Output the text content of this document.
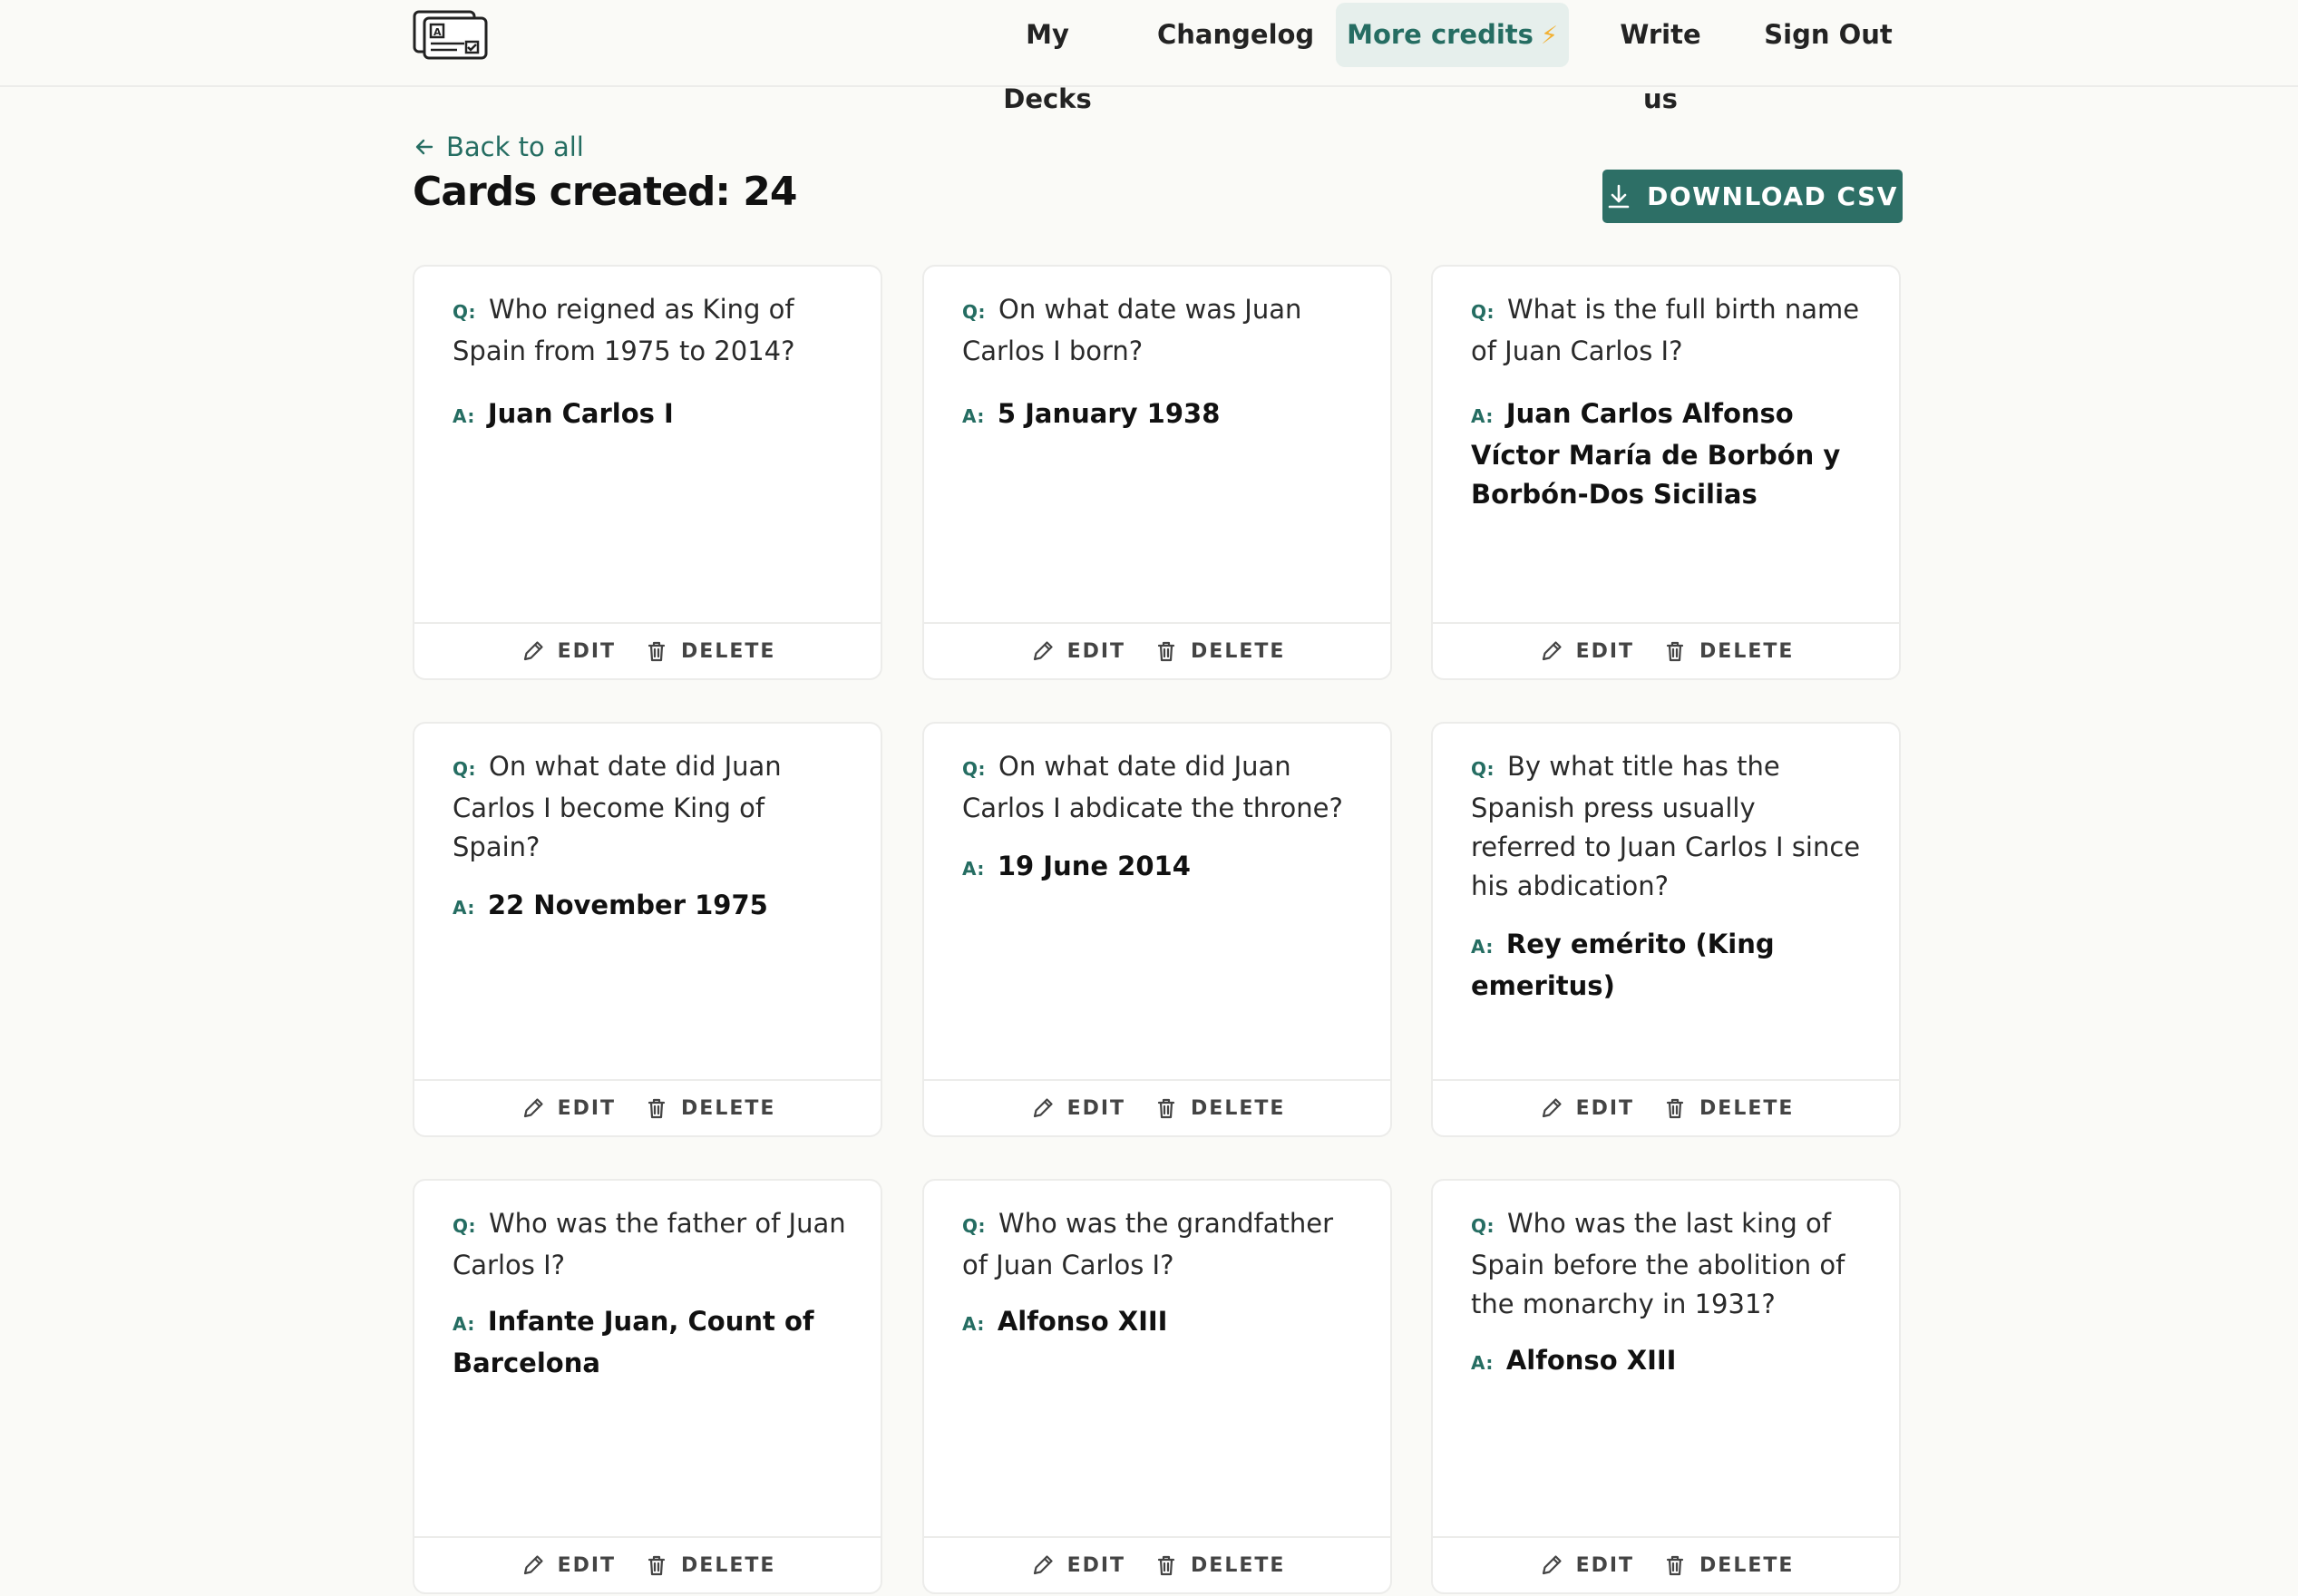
A	My Decks
Changelog	More credits ⚡	Write us
Sign Out
Back to all
Cards created: 24	DOWNLOAD CSV
Q: Who reigned as King of Spain from 1975 to 2014?
A: Juan Carlos I
EDIT	DELETE
Q: On what date was Juan Carlos I born?
A: 5 January 1938
EDIT	DELETE
Q: What is the full birth name of Juan Carlos I?
A: Juan Carlos Alfonso Víctor María de Borbón y Borbón-Dos Sicilias
EDIT	DELETE
Q: On what date did Juan Carlos I become King of Spain?
A: 22 November 1975
EDIT	DELETE
Q: On what date did Juan Carlos I abdicate the throne?
A: 19 June 2014
EDIT	DELETE
Q: By what title has the Spanish press usually referred to Juan Carlos I since his abdication?
A: Rey emérito (King emeritus)
EDIT	DELETE
Q: Who was the father of Juan Carlos I?
A: Infante Juan, Count of Barcelona
EDIT	DELETE
Q: Who was the grandfather of Juan Carlos I?
A: Alfonso XIII
EDIT	DELETE
Q: Who was the last king of Spain before the abolition of the monarchy in 1931?
A: Alfonso XIII
EDIT	DELETE
